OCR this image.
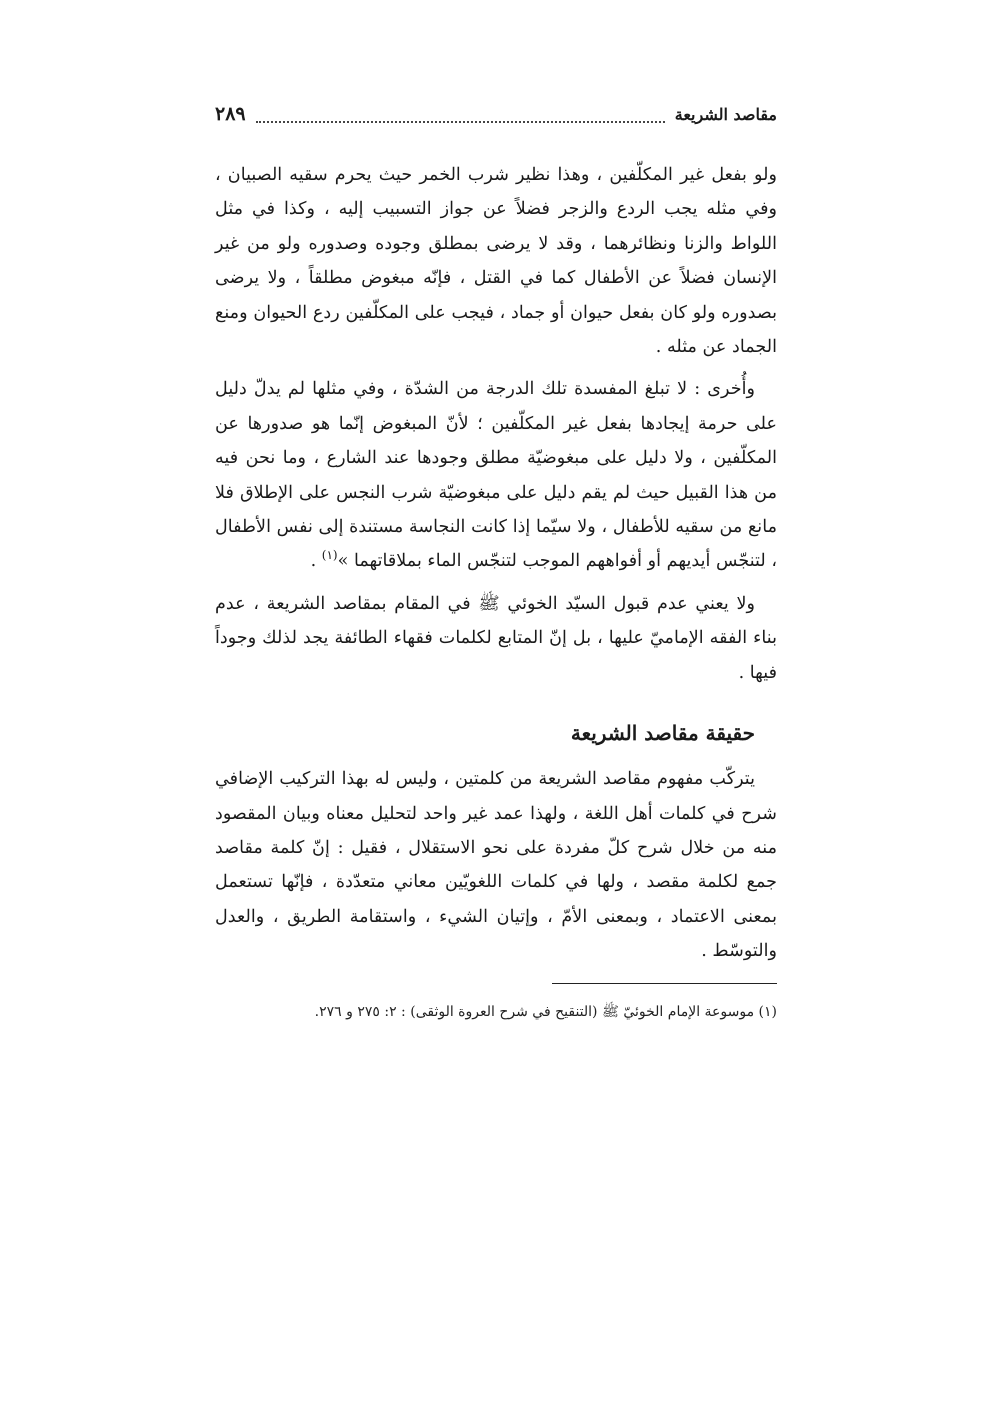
مقاصد الشريعة
٢٨٩

ولو بفعل غير المكلّفين ، وهذا نظير شرب الخمر حيث يحرم سقيه الصبيان ، وفي مثله يجب الردع والزجر فضلاً عن جواز التسبيب إليه ، وكذا في مثل اللواط والزنا ونظائرهما ، وقد لا يرضى بمطلق وجوده وصدوره ولو من غير الإنسان فضلاً عن الأطفال كما في القتل ، فإنّه مبغوض مطلقاً ، ولا يرضى بصدوره ولو كان بفعل حيوان أو جماد ، فيجب على المكلّفين ردع الحيوان ومنع الجماد عن مثله .

وأُخرى : لا تبلغ المفسدة تلك الدرجة من الشدّة ، وفي مثلها لم يدلّ دليل على حرمة إيجادها بفعل غير المكلّفين ؛ لأنّ المبغوض إنّما هو صدورها عن المكلّفين ، ولا دليل على مبغوضيّة مطلق وجودها عند الشارع ، وما نحن فيه من هذا القبيل حيث لم يقم دليل على مبغوضيّة شرب النجس على الإطلاق فلا مانع من سقيه للأطفال ، ولا سيّما إذا كانت النجاسة مستندة إلى نفس الأطفال ، لتنجّس أيديهم أو أفواههم الموجب لتنجّس الماء بملاقاتهما »$^{(١)}$ .

ولا يعني عدم قبول السيّد الخوئي ﷺ في المقام بمقاصد الشريعة ، عدم بناء الفقه الإماميّ عليها ، بل إنّ المتابع لكلمات فقهاء الطائفة يجد لذلك وجوداً فيها .

حقيقة مقاصد الشريعة

يتركّب مفهوم مقاصد الشريعة من كلمتين ، وليس له بهذا التركيب الإضافي شرح في كلمات أهل اللغة ، ولهذا عمد غير واحد لتحليل معناه وبيان المقصود منه من خلال شرح كلّ مفردة على نحو الاستقلال ، فقيل : إنّ كلمة مقاصد جمع لكلمة مقصد ، ولها في كلمات اللغويّين معاني متعدّدة ، فإنّها تستعمل بمعنى الاعتماد ، وبمعنى الأمّ ، وإتيان الشيء ، واستقامة الطريق ، والعدل والتوسّط .

(١) موسوعة الإمام الخوئيّ ﷺ (التنقيح في شرح العروة الوثقى) : ٢: ٢٧٥ و ٢٧٦.
